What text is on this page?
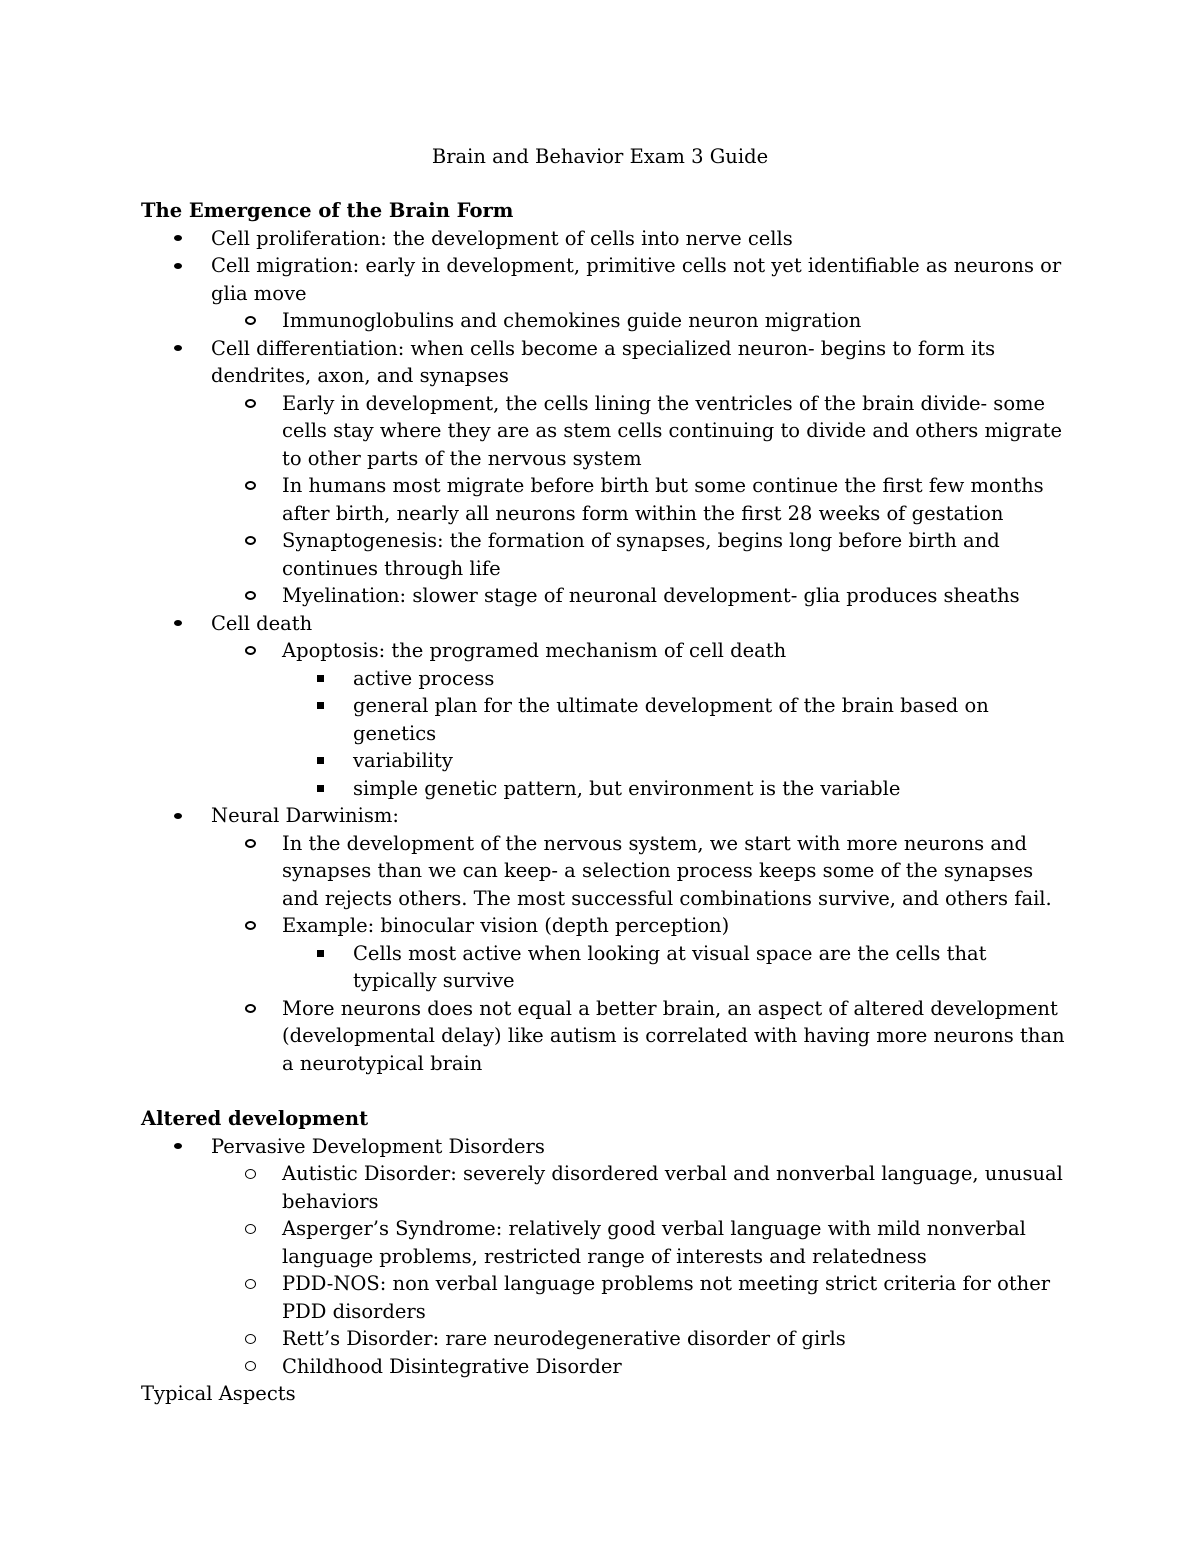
Brain and Behavior Exam 3 Guide

The Emergence of the Brain Form

Cell proliferation: the development of cells into nerve cells
Cell migration: early in development, primitive cells not yet identifiable as neurons or glia move
Immunoglobulins and chemokines guide neuron migration
Cell differentiation: when cells become a specialized neuron- begins to form its dendrites, axon, and synapses
Early in development, the cells lining the ventricles of the brain divide- some cells stay where they are as stem cells continuing to divide and others migrate to other parts of the nervous system
In humans most migrate before birth but some continue the first few months after birth, nearly all neurons form within the first 28 weeks of gestation
Synaptogenesis: the formation of synapses, begins long before birth and continues through life
Myelination: slower stage of neuronal development- glia produces sheaths
Cell death
Apoptosis: the programed mechanism of cell death
active process
general plan for the ultimate development of the brain based on genetics
variability
simple genetic pattern, but environment is the variable
Neural Darwinism:
In the development of the nervous system, we start with more neurons and synapses than we can keep- a selection process keeps some of the synapses and rejects others. The most successful combinations survive, and others fail.
Example: binocular vision (depth perception)
Cells most active when looking at visual space are the cells that typically survive
More neurons does not equal a better brain, an aspect of altered development (developmental delay) like autism is correlated with having more neurons than a neurotypical brain

Altered development

Pervasive Development Disorders
Autistic Disorder: severely disordered verbal and nonverbal language, unusual behaviors
Asperger’s Syndrome: relatively good verbal language with mild nonverbal language problems, restricted range of interests and relatedness
PDD-NOS: non verbal language problems not meeting strict criteria for other PDD disorders
Rett’s Disorder: rare neurodegenerative disorder of girls
Childhood Disintegrative Disorder

Typical Aspects
